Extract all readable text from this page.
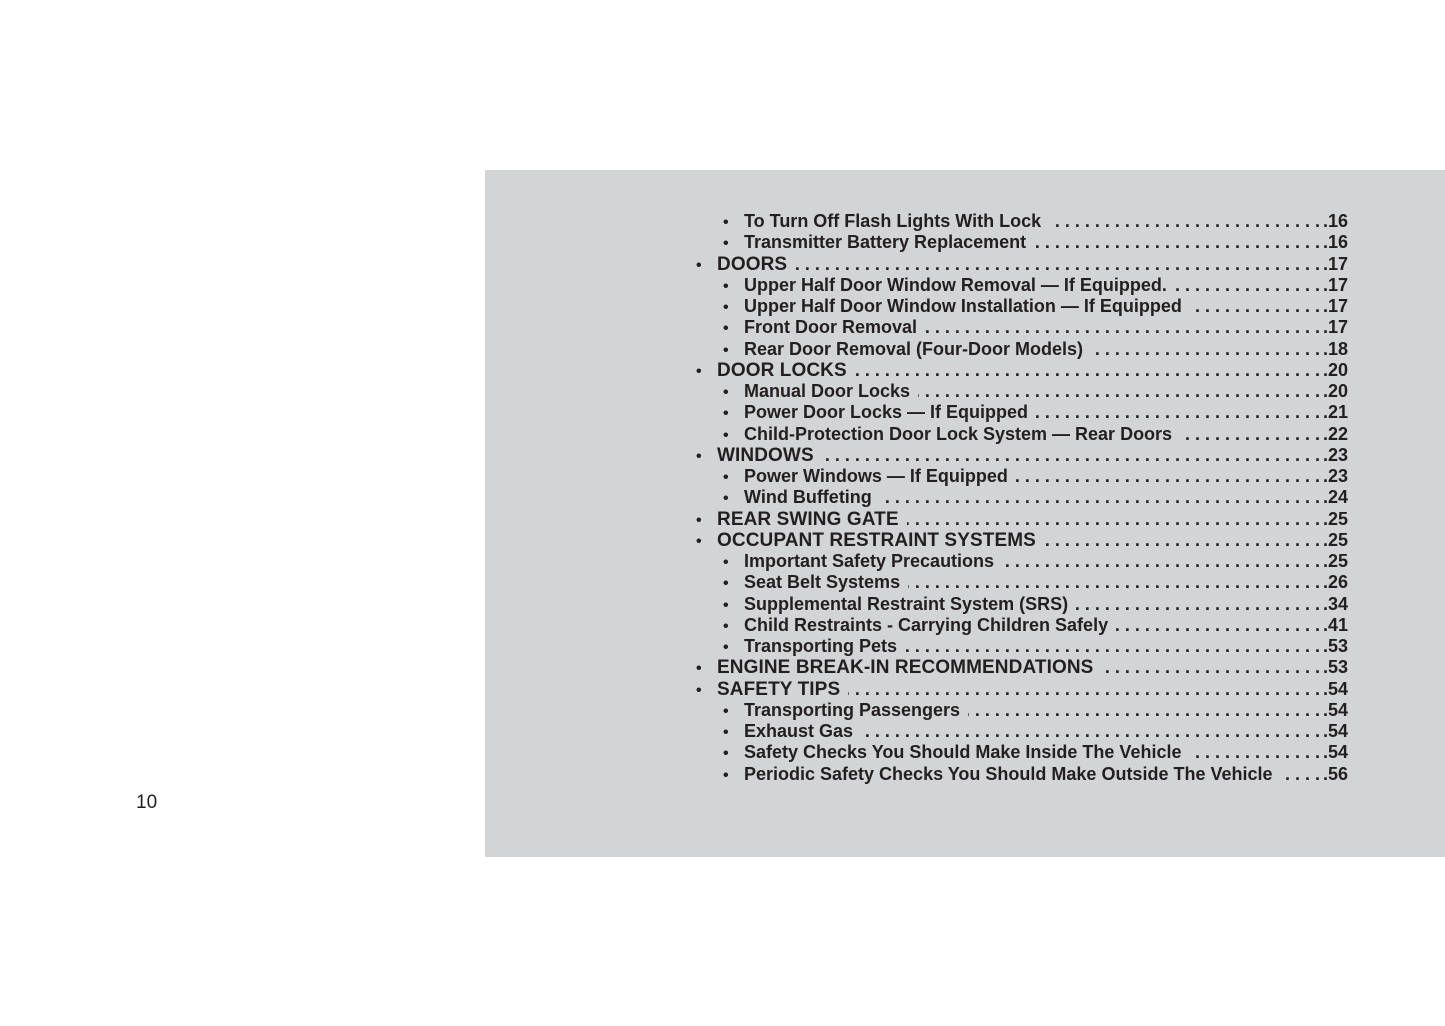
10
• To Turn Off Flash Lights With Lock . . .	.16
• Transmitter Battery Replacement . . .	.16
• DOORS . . .	.17
• Upper Half Door Window Removal — If Equipped. . . .	.17
• Upper Half Door Window Installation — If Equipped . . .	.17
• Front Door Removal . . .	.17
• Rear Door Removal (Four-Door Models) . . .	.18
• DOOR LOCKS . . .	.20
• Manual Door Locks . . .	.20
• Power Door Locks — If Equipped . . .	.21
• Child-Protection Door Lock System — Rear Doors . . .	.22
• WINDOWS . . .	.23
• Power Windows — If Equipped . . .	.23
• Wind Buffeting . . .	.24
• REAR SWING GATE . . .	.25
• OCCUPANT RESTRAINT SYSTEMS . . .	.25
• Important Safety Precautions . . .	.25
• Seat Belt Systems . . .	.26
• Supplemental Restraint System (SRS) . . .	.34
• Child Restraints - Carrying Children Safely . . .	.41
• Transporting Pets . . .	.53
• ENGINE BREAK-IN RECOMMENDATIONS . . .	.53
• SAFETY TIPS . . .	.54
• Transporting Passengers . . .	.54
• Exhaust Gas . . .	.54
• Safety Checks You Should Make Inside The Vehicle . . .	.54
• Periodic Safety Checks You Should Make Outside The Vehicle . . .	.56
